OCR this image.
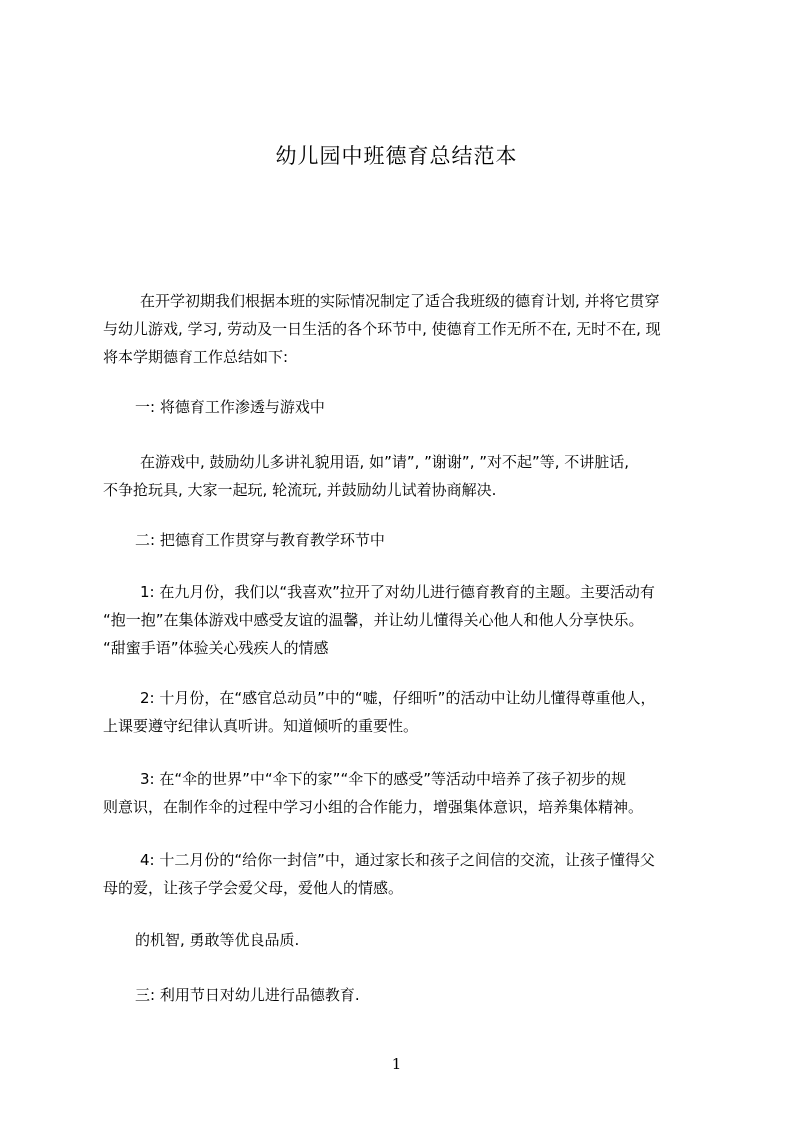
幼儿园中班德育总结范本
在开学初期我们根据本班的实际情况制定了适合我班级的德育计划, 并将它贯穿
与幼儿游戏, 学习, 劳动及一日生活的各个环节中, 使德育工作无所不在, 无时不在, 现
将本学期德育工作总结如下:
一: 将德育工作渗透与游戏中
在游戏中, 鼓励幼儿多讲礼貌用语, 如”请”, ”谢谢”, ”对不起”等, 不讲脏话,
不争抢玩具, 大家一起玩, 轮流玩, 并鼓励幼儿试着协商解决.
二: 把德育工作贯穿与教育教学环节中
1: 在九月份，我们以“我喜欢”拉开了对幼儿进行德育教育的主题。主要活动有
“抱一抱”在集体游戏中感受友谊的温馨，并让幼儿懂得关心他人和他人分享快乐。
“甜蜜手语”体验关心残疾人的情感
2: 十月份，在“感官总动员”中的“嘘，仔细听”的活动中让幼儿懂得尊重他人，
上课要遵守纪律认真听讲。知道倾听的重要性。
3: 在“伞的世界”中“伞下的家”“伞下的感受”等活动中培养了孩子初步的规
则意识，在制作伞的过程中学习小组的合作能力，增强集体意识，培养集体精神。
4: 十二月份的“给你一封信”中，通过家长和孩子之间信的交流，让孩子懂得父
母的爱，让孩子学会爱父母，爱他人的情感。
的机智, 勇敢等优良品质.
三: 利用节日对幼儿进行品德教育.
1
